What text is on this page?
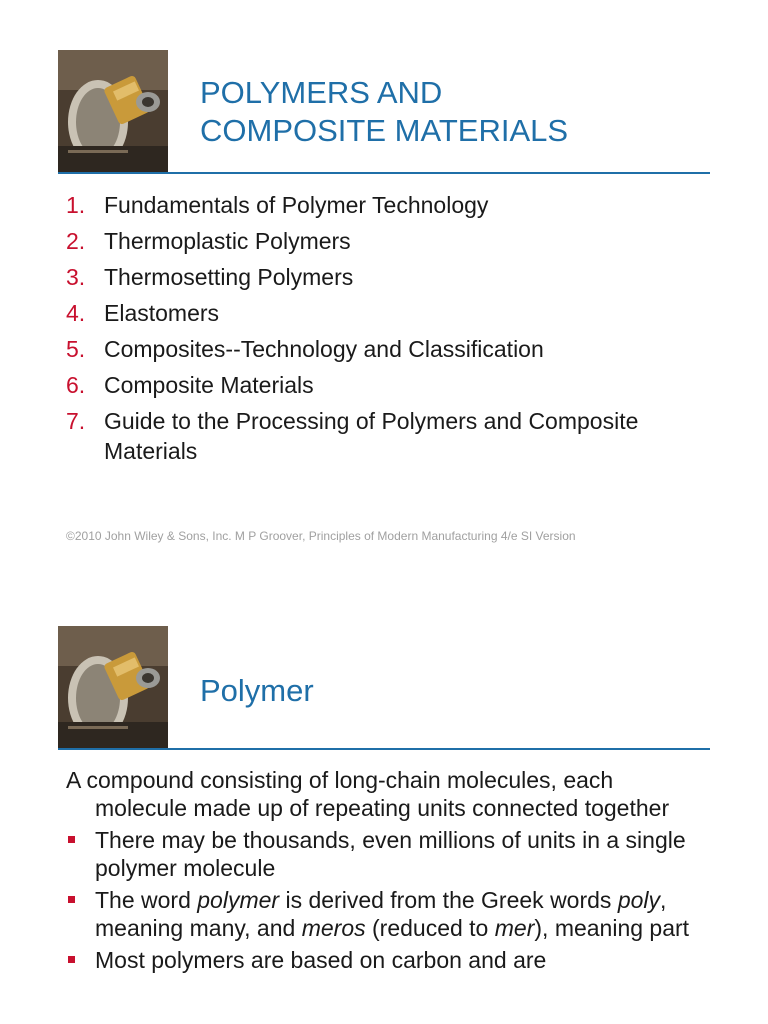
POLYMERS AND
COMPOSITE MATERIALS
1. Fundamentals of Polymer Technology
2. Thermoplastic Polymers
3. Thermosetting Polymers
4. Elastomers
5. Composites--Technology and Classification
6. Composite Materials
7. Guide to the Processing of Polymers and Composite Materials
©2010 John Wiley & Sons, Inc. M P Groover, Principles of Modern Manufacturing 4/e SI Version
Polymer

A compound consisting of long-chain molecules, each molecule made up of repeating units connected together

There may be thousands, even millions of units in a single polymer molecule
The word polymer is derived from the Greek words poly, meaning many, and meros (reduced to mer), meaning part
Most polymers are based on carbon and are
